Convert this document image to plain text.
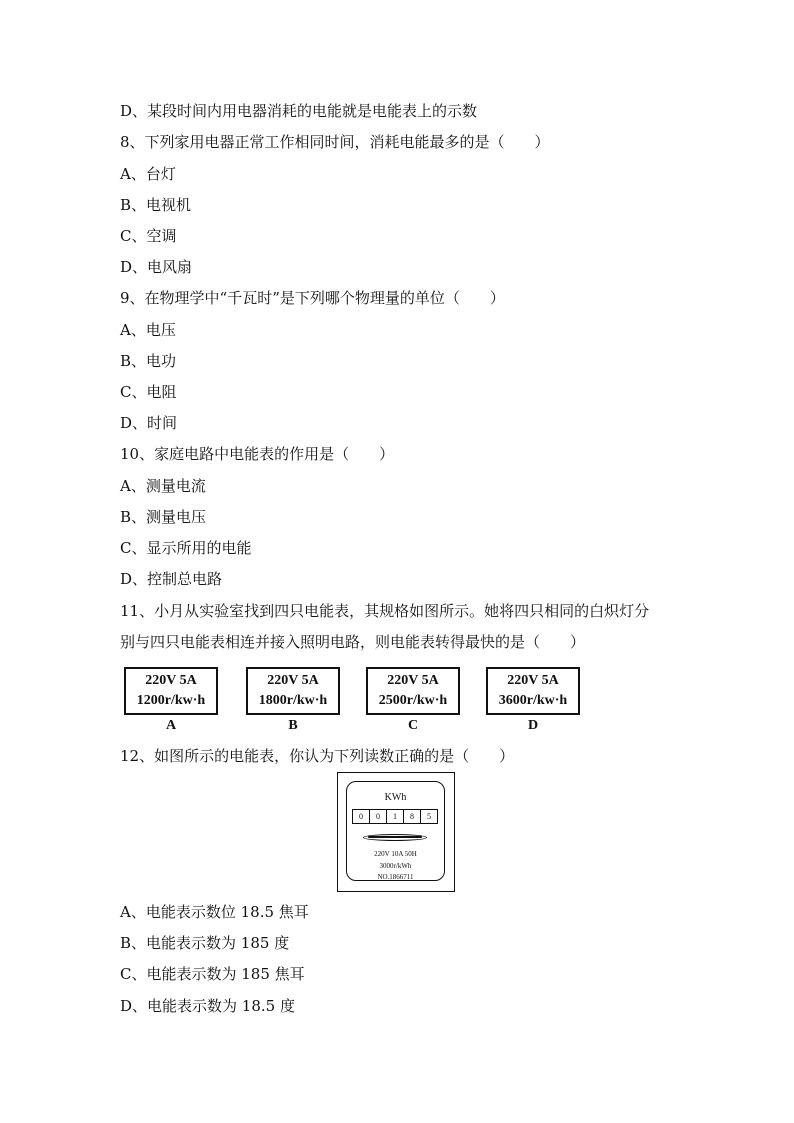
D、某段时间内用电器消耗的电能就是电能表上的示数
8、下列家用电器正常工作相同时间，消耗电能最多的是（　　）
A、台灯
B、电视机
C、空调
D、电风扇
9、在物理学中“千瓦时”是下列哪个物理量的单位（　　）
A、电压
B、电功
C、电阻
D、时间
10、家庭电路中电能表的作用是（　　）
A、测量电流
B、测量电压
C、显示所用的电能
D、控制总电路
11、小月从实验室找到四只电能表，其规格如图所示。她将四只相同的白炽灯分
别与四只电能表相连并接入照明电路，则电能表转得最快的是（　　）
220V 5A
1200r/kw·h
A
220V 5A
1800r/kw·h
B
220V 5A
2500r/kw·h
C
220V 5A
3600r/kw·h
D
12、如图所示的电能表，你认为下列读数正确的是（　　）
KWh
0	0	1	8	5
220V 10A 50H
3000r/kWh
NO.1866711
A、电能表示数位 18.5 焦耳
B、电能表示数为 185 度
C、电能表示数为 185 焦耳
D、电能表示数为 18.5 度
